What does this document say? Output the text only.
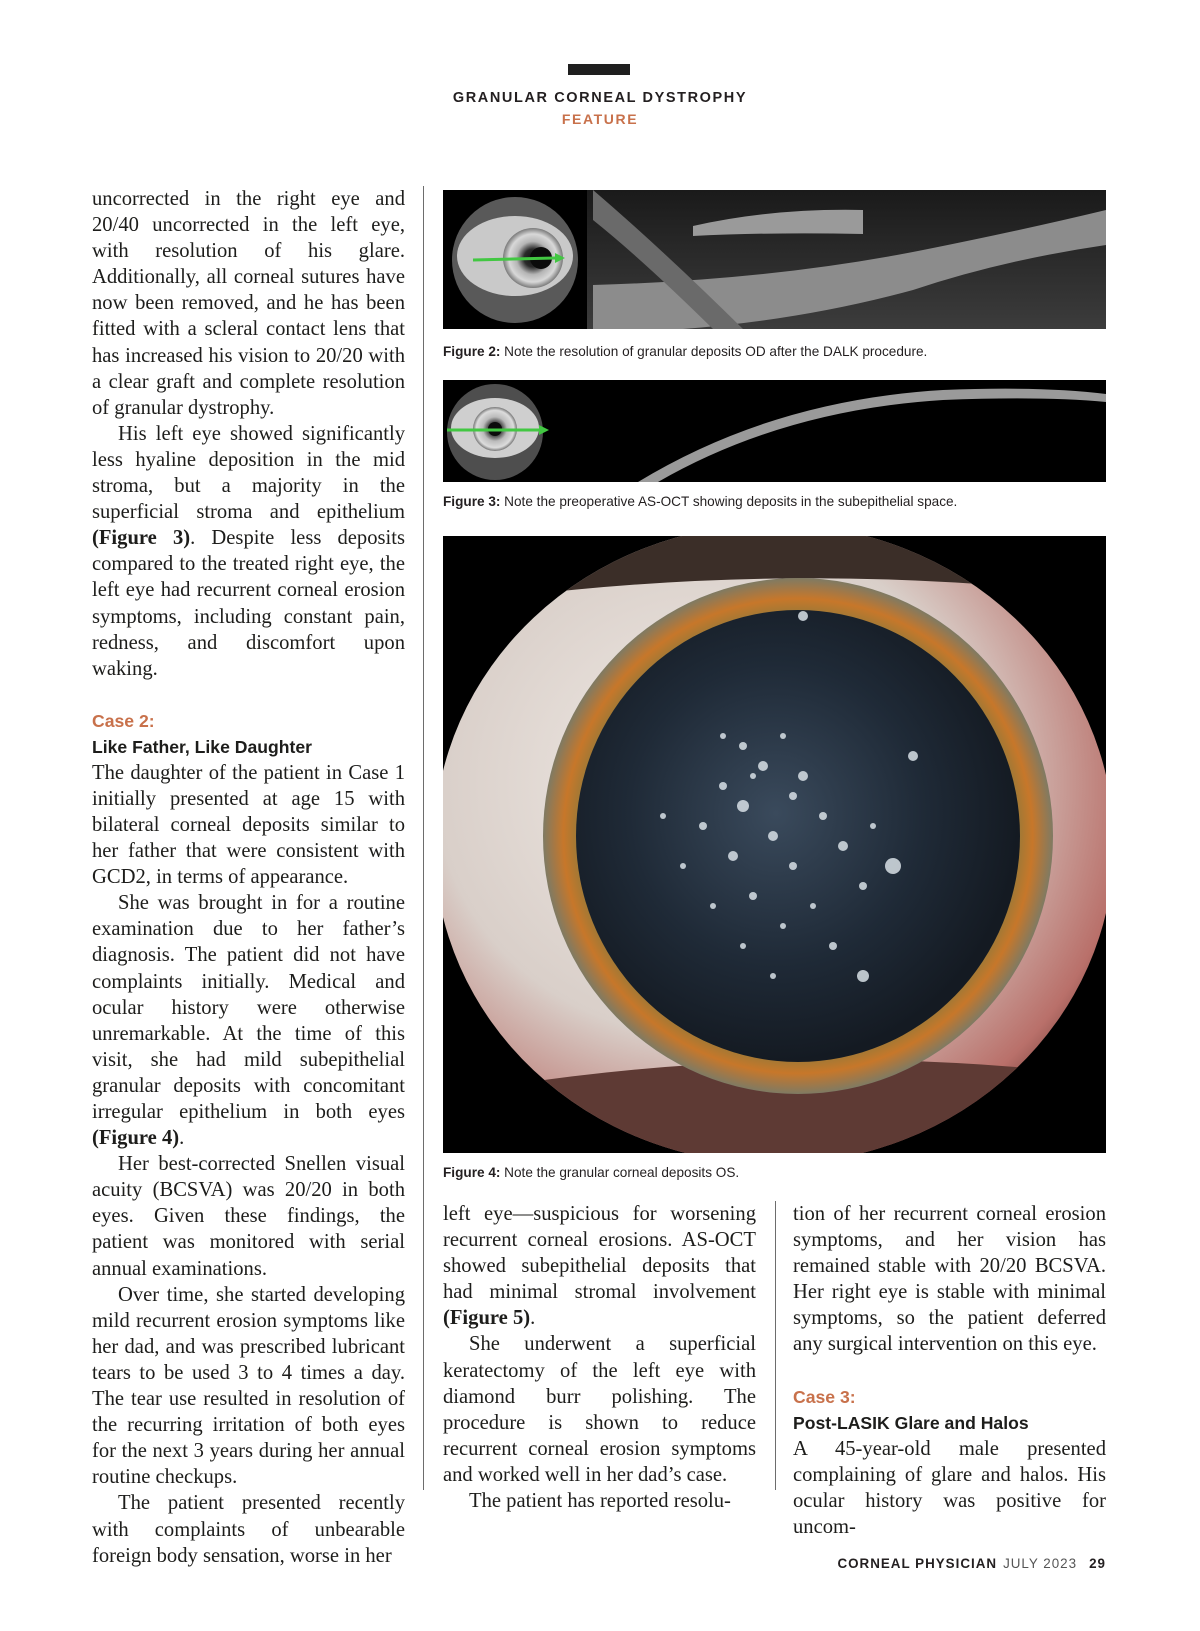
GRANULAR CORNEAL DYSTROPHY
FEATURE

uncorrected in the right eye and 20/40 uncorrected in the left eye, with resolution of his glare. Additionally, all corneal sutures have now been removed, and he has been fitted with a scleral contact lens that has increased his vision to 20/20 with a clear graft and complete resolution of granular dystrophy.

His left eye showed significantly less hyaline deposition in the mid stroma, but a majority in the superficial stroma and epithelium (Figure 3). Despite less deposits compared to the treated right eye, the left eye had recurrent corneal erosion symptoms, including constant pain, redness, and discomfort upon waking.

Case 2:
Like Father, Like Daughter

The daughter of the patient in Case 1 initially presented at age 15 with bilateral corneal deposits similar to her father that were consistent with GCD2, in terms of appearance.

She was brought in for a routine examination due to her father’s diagnosis. The patient did not have complaints initially. Medical and ocular history were otherwise unremarkable. At the time of this visit, she had mild subepithelial granular deposits with concomitant irregular epithelium in both eyes (Figure 4).

Her best-corrected Snellen visual acuity (BCSVA) was 20/20 in both eyes. Given these findings, the patient was monitored with serial annual examinations.

Over time, she started developing mild recurrent erosion symptoms like her dad, and was prescribed lubricant tears to be used 3 to 4 times a day. The tear use resulted in resolution of the recurring irritation of both eyes for the next 3 years during her annual routine checkups.

The patient presented recently with complaints of unbearable foreign body sensation, worse in her

Figure 2: Note the resolution of granular deposits OD after the DALK procedure.
Figure 3: Note the preoperative AS-OCT showing deposits in the subepithelial space.
Figure 4: Note the granular corneal deposits OS.

left eye—suspicious for worsening recurrent corneal erosions. AS-OCT showed subepithelial deposits that had minimal stromal involvement (Figure 5).

She underwent a superficial keratectomy of the left eye with diamond burr polishing. The procedure is shown to reduce recurrent corneal erosion symptoms and worked well in her dad’s case.

The patient has reported resolu-

tion of her recurrent corneal erosion symptoms, and her vision has remained stable with 20/20 BCSVA. Her right eye is stable with minimal symptoms, so the patient deferred any surgical intervention on this eye.

Case 3:
Post-LASIK Glare and Halos

A 45-year-old male presented complaining of glare and halos. His ocular history was positive for uncom-

CORNEAL PHYSICIAN JULY 2023 29
